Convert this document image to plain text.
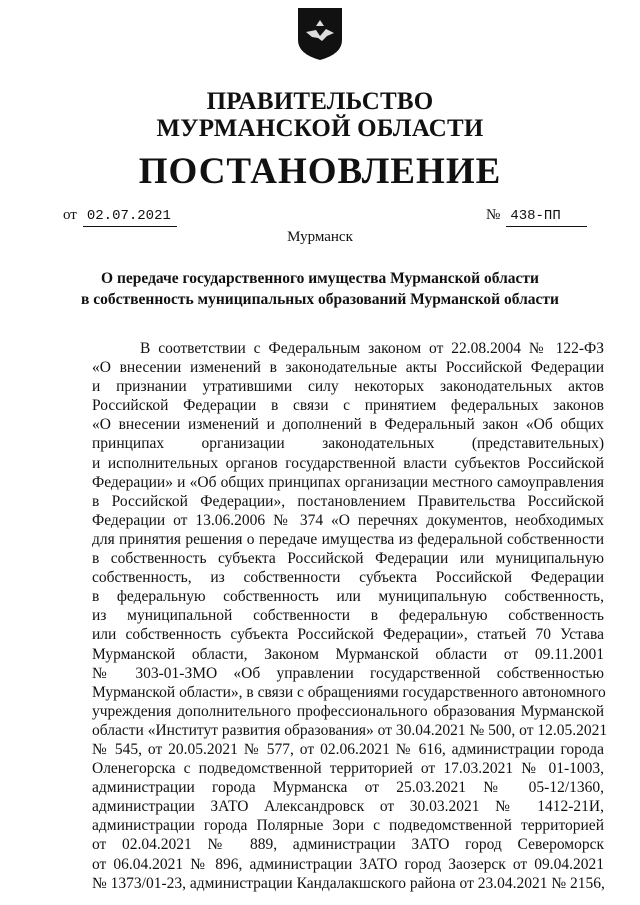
ПРАВИТЕЛЬСТВО
МУРМАНСКОЙ ОБЛАСТИ
ПОСТАНОВЛЕНИЕ
от 02.07.2021	№ 438-ПП
Мурманск
О передаче государственного имущества Мурманской области
в собственность муниципальных образований Мурманской области
В соответствии с Федеральным законом от 22.08.2004 № 122-ФЗ
«О внесении изменений в законодательные акты Российской Федерации
и признании утратившими силу некоторых законодательных актов
Российской Федерации в связи с принятием федеральных законов
«О внесении изменений и дополнений в Федеральный закон «Об общих
принципах организации законодательных (представительных)
и исполнительных органов государственной власти субъектов Российской
Федерации» и «Об общих принципах организации местного самоуправления
в Российской Федерации», постановлением Правительства Российской
Федерации от 13.06.2006 № 374 «О перечнях документов, необходимых
для принятия решения о передаче имущества из федеральной собственности
в собственность субъекта Российской Федерации или муниципальную
собственность, из собственности субъекта Российской Федерации
в федеральную собственность или муниципальную собственность,
из муниципальной собственности в федеральную собственность
или собственность субъекта Российской Федерации», статьей 70 Устава
Мурманской области, Законом Мурманской области от 09.11.2001
№ 303-01-ЗМО «Об управлении государственной собственностью
Мурманской области», в связи с обращениями государственного автономного
учреждения дополнительного профессионального образования Мурманской
области «Институт развития образования» от 30.04.2021 № 500, от 12.05.2021
№ 545, от 20.05.2021 № 577, от 02.06.2021 № 616, администрации города
Оленегорска с подведомственной территорией от 17.03.2021 № 01-1003,
администрации города Мурманска от 25.03.2021 № 05-12/1360,
администрации ЗАТО Александровск от 30.03.2021 № 1412-21И,
администрации города Полярные Зори с подведомственной территорией
от 02.04.2021 № 889, администрации ЗАТО город Североморск
от 06.04.2021 № 896, администрации ЗАТО город Заозерск от 09.04.2021
№ 1373/01-23, администрации Кандалакшского района от 23.04.2021 № 2156,
